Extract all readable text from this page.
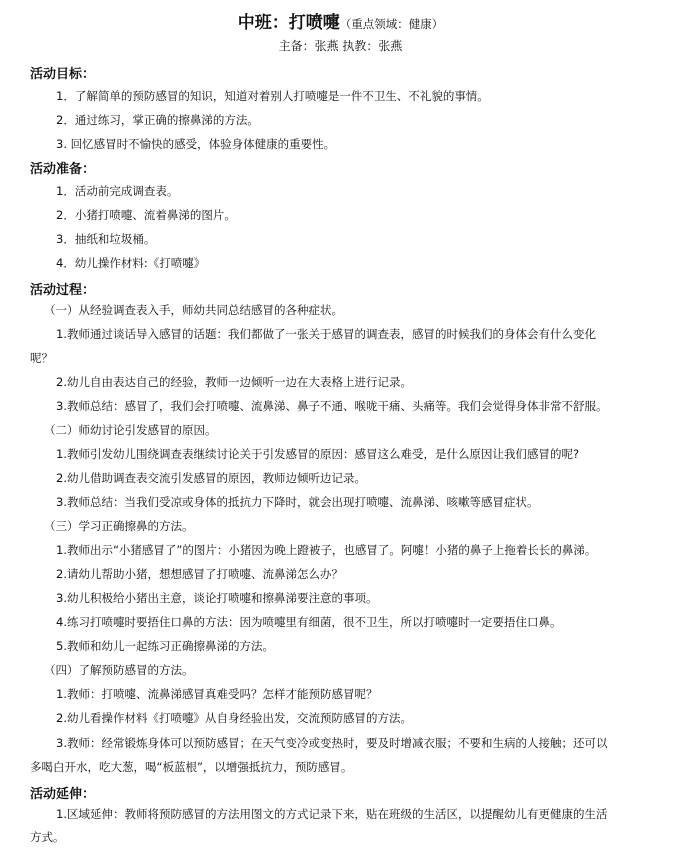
中班：打喷嚏（重点领域：健康）
主备：张燕 执教：张燕
活动目标：
1．了解简单的预防感冒的知识，知道对着别人打喷嚏是一件不卫生、不礼貌的事情。
2．通过练习，掌正确的擦鼻涕的方法。
3. 回忆感冒时不愉快的感受，体验身体健康的重要性。
活动准备：
1．活动前完成调查表。
2．小猪打喷嚏、流着鼻涕的图片。
3．抽纸和垃圾桶。
4．幼儿操作材料:《打喷嚏》
活动过程：
（一）从经验调查表入手，师幼共同总结感冒的各种症状。
1.教师通过谈话导入感冒的话题：我们都做了一张关于感冒的调查表，感冒的时候我们的身体会有什么变化
呢？
2.幼儿自由表达自己的经验，教师一边倾听一边在大表格上进行记录。
3.教师总结：感冒了，我们会打喷嚏、流鼻涕、鼻子不通、喉咙干痛、头痛等。我们会觉得身体非常不舒服。
（二）师幼讨论引发感冒的原因。
1.教师引发幼儿围绕调查表继续讨论关于引发感冒的原因：感冒这么难受，是什么原因让我们感冒的呢?
2.幼儿借助调查表交流引发感冒的原因，教师边倾听边记录。
3.教师总结：当我们受凉或身体的抵抗力下降时，就会出现打喷嚏、流鼻涕、咳嗽等感冒症状。
（三）学习正确擦鼻的方法。
1.教师出示“小猪感冒了”的图片：小猪因为晚上蹬被子，也感冒了。阿嚏！小猪的鼻子上拖着长长的鼻涕。
2.请幼儿帮助小猪，想想感冒了打喷嚏、流鼻涕怎么办？
3.幼儿积极给小猪出主意，谈论打喷嚏和擦鼻涕要注意的事项。
4.练习打喷嚏时要捂住口鼻的方法：因为喷嚏里有细菌，很不卫生，所以打喷嚏时一定要捂住口鼻。
5.教师和幼儿一起练习正确擦鼻涕的方法。
（四）了解预防感冒的方法。
1.教师：打喷嚏、流鼻涕感冒真难受吗？怎样才能预防感冒呢？
2.幼儿看操作材料《打喷嚏》从自身经验出发，交流预防感冒的方法。
3.教师：经常锻炼身体可以预防感冒；在天气变冷或变热时，要及时增减衣服；不要和生病的人接触；还可以
多喝白开水，吃大葱，喝“板蓝根”，以增强抵抗力，预防感冒。
活动延伸：
1.区域延伸：教师将预防感冒的方法用图文的方式记录下来，贴在班级的生活区，以提醒幼儿有更健康的生活
方式。
